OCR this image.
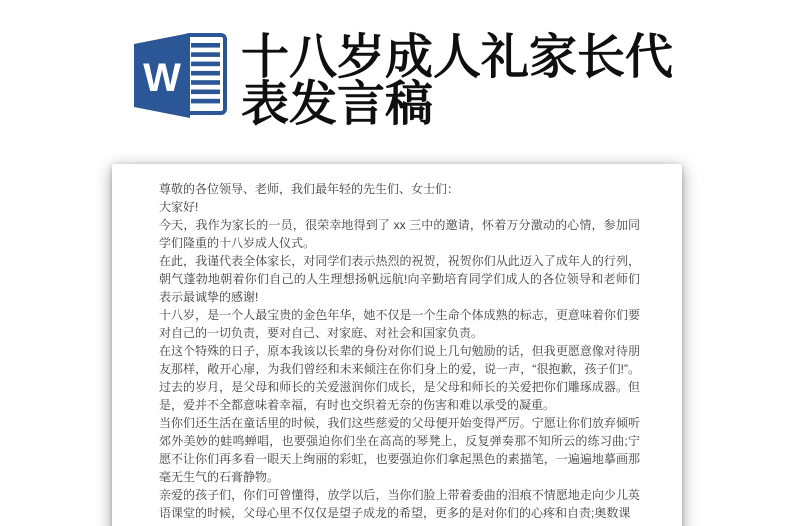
W 十八岁成人礼家长代表发言稿

尊敬的各位领导、老师，我们最年轻的先生们、女士们：

大家好!

今天，我作为家长的一员，很荣幸地得到了 xx 三中的邀请，怀着万分激动的心情，参加同学们隆重的十八岁成人仪式。

在此，我谨代表全体家长，对同学们表示热烈的祝贺，祝贺你们从此迈入了成年人的行列，朝气蓬勃地朝着你们自己的人生理想扬帆远航!向辛勤培育同学们成人的各位领导和老师们表示最诚挚的感谢!

十八岁，是一个人最宝贵的金色年华，她不仅是一个生命个体成熟的标志，更意味着你们要对自己的一切负责，要对自己、对家庭、对社会和国家负责。

在这个特殊的日子，原本我该以长辈的身份对你们说上几句勉励的话，但我更愿意像对待朋友那样，敞开心扉，为我们曾经和未来倾注在你们身上的爱，说一声，“很抱歉，孩子们!”。过去的岁月，是父母和师长的关爱滋润你们成长，是父母和师长的关爱把你们雕琢成器。但是，爱并不全都意味着幸福，有时也交织着无奈的伤害和难以承受的凝重。

当你们还生活在童话里的时候，我们这些慈爱的父母便开始变得严厉。宁愿让你们放弃倾听郊外美妙的蛙鸣蝉唱，也要强迫你们坐在高高的琴凳上，反复弹奏那不知所云的练习曲;宁愿不让你们再多看一眼天上绚丽的彩虹，也要强迫你们拿起黑色的素描笔，一遍遍地摹画那毫无生气的石膏静物。

亲爱的孩子们，你们可曾懂得，放学以后，当你们脸上带着委曲的泪痕不情愿地走向少儿英语课堂的时候，父母心里不仅仅是望子成龙的希望，更多的是对你们的心疼和自责;奥数课
